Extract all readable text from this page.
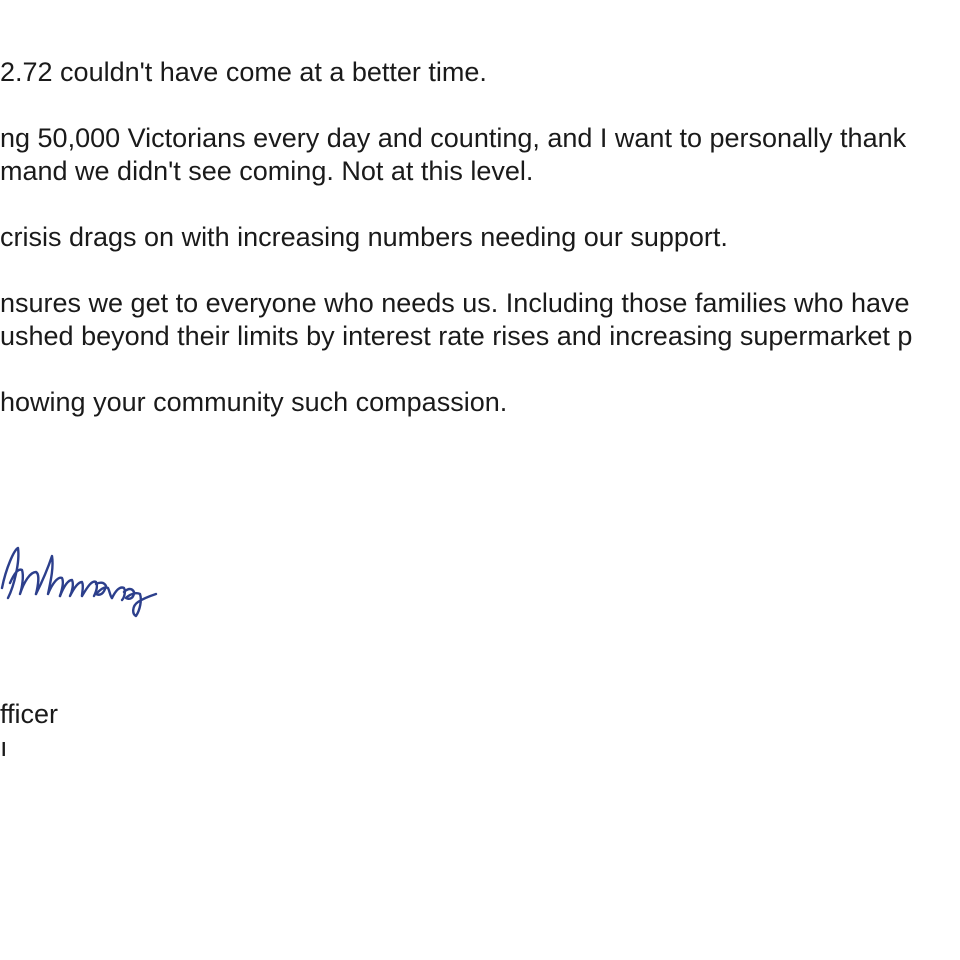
2.72 couldn't have come at a better time.

ng 50,000 Victorians every day and counting, and I want to personally thank

mand we didn't see coming. Not at this level.

crisis drags on with increasing numbers needing our support.

nsures we get to everyone who needs us. Including those families who have

ushed beyond their limits by interest rate rises and increasing supermarket p

howing your community such compassion.

Anahmaj

fficer

ı
